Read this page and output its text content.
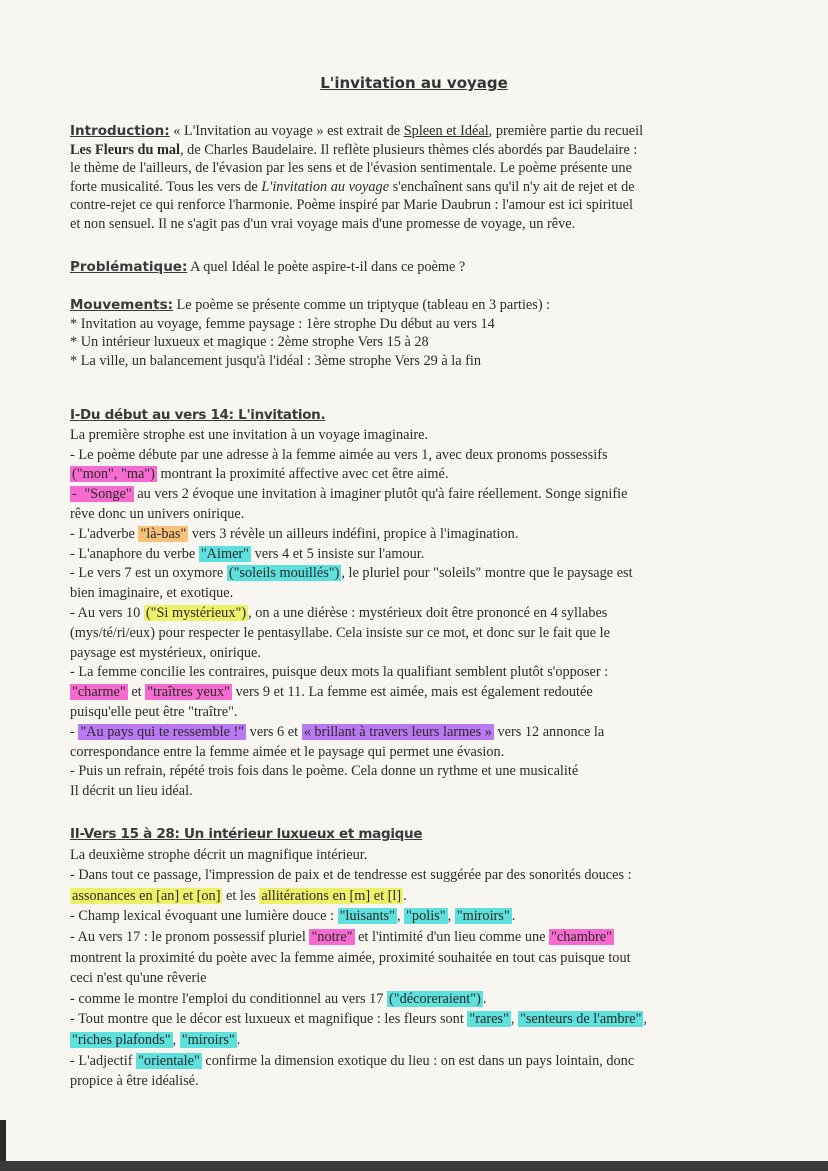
L'invitation au voyage
Introduction: « L'Invitation au voyage » est extrait de Spleen et Idéal, première partie du recueil
Les Fleurs du mal, de Charles Baudelaire. Il reflète plusieurs thèmes clés abordés par Baudelaire :
le thème de l'ailleurs, de l'évasion par les sens et de l'évasion sentimentale. Le poème présente une
forte musicalité. Tous les vers de L'invitation au voyage s'enchaînent sans qu'il n'y ait de rejet et de
contre-rejet ce qui renforce l'harmonie. Poème inspiré par Marie Daubrun : l'amour est ici spirituel
et non sensuel. Il ne s'agit pas d'un vrai voyage mais d'une promesse de voyage, un rêve.
Problématique: A quel Idéal le poète aspire-t-il dans ce poème ?
Mouvements: Le poème se présente comme un triptyque (tableau en 3 parties) :
* Invitation au voyage, femme paysage : 1ère strophe Du début au vers 14
* Un intérieur luxueux et magique : 2ème strophe Vers 15 à 28
* La ville, un balancement jusqu'à l'idéal : 3ème strophe Vers 29 à la fin
I-Du début au vers 14: L'invitation.
La première strophe est une invitation à un voyage imaginaire.
- Le poème débute par une adresse à la femme aimée au vers 1, avec deux pronoms possessifs
("mon", "ma") montrant la proximité affective avec cet être aimé.
- "Songe" au vers 2 évoque une invitation à imaginer plutôt qu'à faire réellement. Songe signifie
rêve donc un univers onirique.
- L'adverbe "là-bas" vers 3 révèle un ailleurs indéfini, propice à l'imagination.
- L'anaphore du verbe "Aimer" vers 4 et 5 insiste sur l'amour.
- Le vers 7 est un oxymore ("soleils mouillés") , le pluriel pour "soleils" montre que le paysage est
bien imaginaire, et exotique.
- Au vers 10 ("Si mystérieux") , on a une diérèse : mystérieux doit être prononcé en 4 syllabes
(mys/té/ri/eux) pour respecter le pentasyllabe. Cela insiste sur ce mot, et donc sur le fait que le
paysage est mystérieux, onirique.
- La femme concilie les contraires, puisque deux mots la qualifiant semblent plutôt s'opposer :
"charme" et "traîtres yeux" vers 9 et 11. La femme est aimée, mais est également redoutée
puisqu'elle peut être "traître".
- "Au pays qui te ressemble !" vers 6 et « brillant à travers leurs larmes » vers 12 annonce la
correspondance entre la femme aimée et le paysage qui permet une évasion.
- Puis un refrain, répété trois fois dans le poème. Cela donne un rythme et une musicalité
Il décrit un lieu idéal.
II-Vers 15 à 28: Un intérieur luxueux et magique
La deuxième strophe décrit un magnifique intérieur.
- Dans tout ce passage, l'impression de paix et de tendresse est suggérée par des sonorités douces :
assonances en [an] et [on] et les allitérations en [m] et [l] .
- Champ lexical évoquant une lumière douce : "luisants" , "polis" , "miroirs" .
- Au vers 17 : le pronom possessif pluriel "notre" et l'intimité d'un lieu comme une "chambre"
montrent la proximité du poète avec la femme aimée, proximité souhaitée en tout cas puisque tout
ceci n'est qu'une rêverie
- comme le montre l'emploi du conditionnel au vers 17 ("décoreraient") .
- Tout montre que le décor est luxueux et magnifique : les fleurs sont "rares" , "senteurs de l'ambre" ,
"riches plafonds" , "miroirs" .
- L'adjectif "orientale" confirme la dimension exotique du lieu : on est dans un pays lointain, donc
propice à être idéalisé.
